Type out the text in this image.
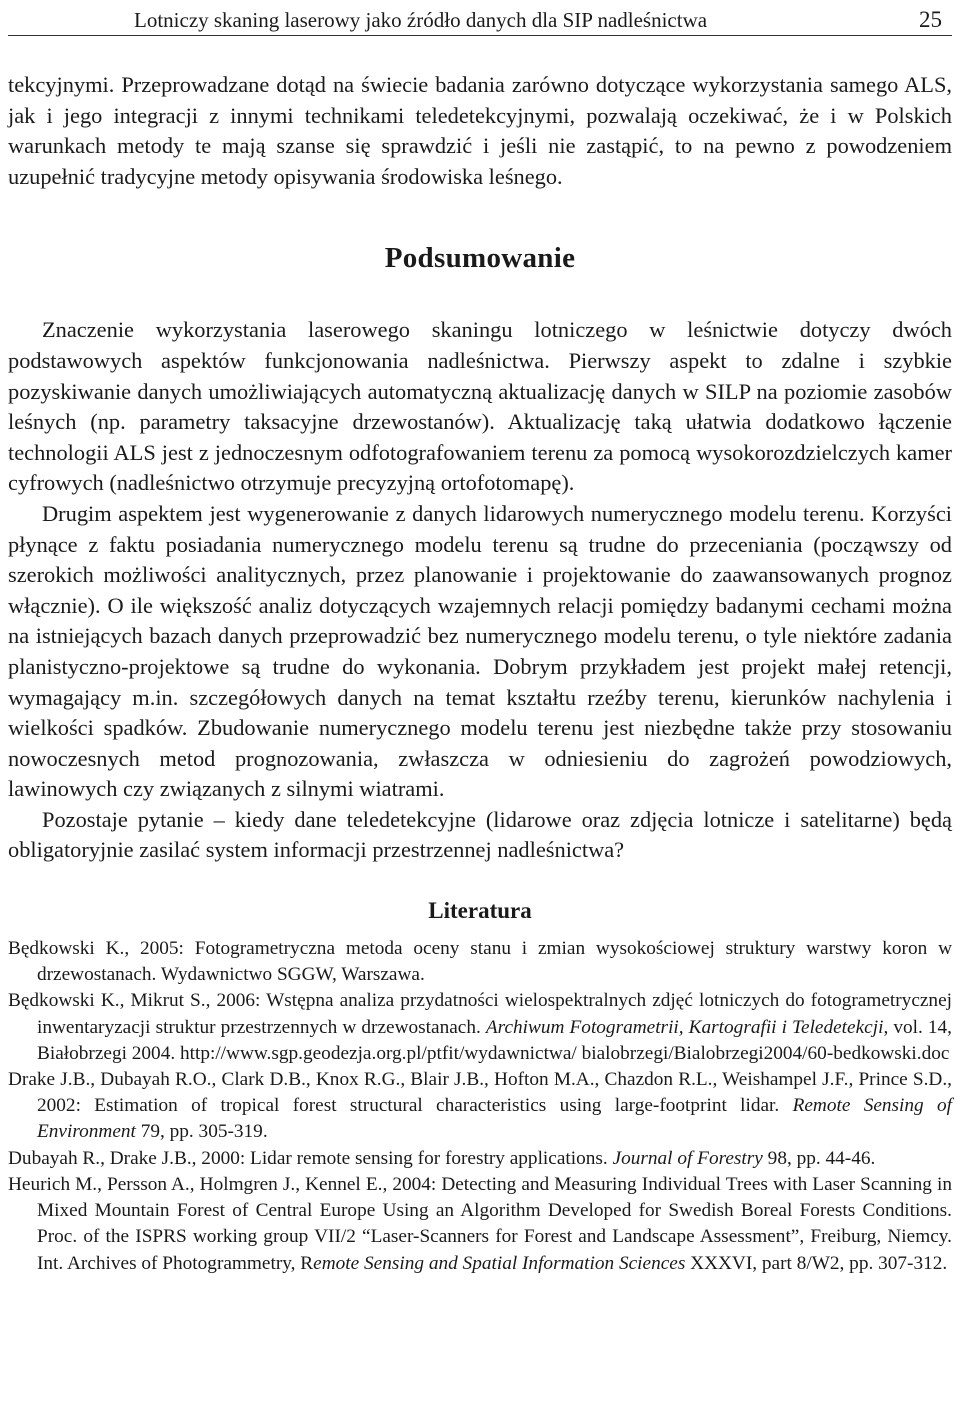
Lotniczy skaning laserowy jako źródło danych dla SIP nadleśnictwa	25

tekcyjnymi. Przeprowadzane dotąd na świecie badania zarówno dotyczące wykorzystania samego ALS, jak i jego integracji z innymi technikami teledetekcyjnymi, pozwalają oczekiwać, że i w Polskich warunkach metody te mają szanse się sprawdzić i jeśli nie zastąpić, to na pewno z powodzeniem uzupełnić tradycyjne metody opisywania środowiska leśnego.

Podsumowanie

Znaczenie wykorzystania laserowego skaningu lotniczego w leśnictwie dotyczy dwóch podstawowych aspektów funkcjonowania nadleśnictwa. Pierwszy aspekt to zdalne i szybkie pozyskiwanie danych umożliwiających automatyczną aktualizację danych w SILP na poziomie zasobów leśnych (np. parametry taksacyjne drzewostanów). Aktualizację taką ułatwia dodatkowo łączenie technologii ALS jest z jednoczesnym odfotografowaniem terenu za pomocą wysokorozdzielczych kamer cyfrowych (nadleśnictwo otrzymuje precyzyjną ortofotomapę).

Drugim aspektem jest wygenerowanie z danych lidarowych numerycznego modelu terenu. Korzyści płynące z faktu posiadania numerycznego modelu terenu są trudne do przeceniania (począwszy od szerokich możliwości analitycznych, przez planowanie i projektowanie do zaawansowanych prognoz włącznie). O ile większość analiz dotyczących wzajemnych relacji pomiędzy badanymi cechami można na istniejących bazach danych przeprowadzić bez numerycznego modelu terenu, o tyle niektóre zadania planistyczno-projektowe są trudne do wykonania. Dobrym przykładem jest projekt małej retencji, wymagający m.in. szczegółowych danych na temat kształtu rzeźby terenu, kierunków nachylenia i wielkości spadków. Zbudowanie numerycznego modelu terenu jest niezbędne także przy stosowaniu nowoczesnych metod prognozowania, zwłaszcza w odniesieniu do zagrożeń powodziowych, lawinowych czy związanych z silnymi wiatrami.

Pozostaje pytanie – kiedy dane teledetekcyjne (lidarowe oraz zdjęcia lotnicze i satelitarne) będą obligatoryjnie zasilać system informacji przestrzennej nadleśnictwa?

Literatura
Będkowski K., 2005: Fotogrametryczna metoda oceny stanu i zmian wysokościowej struktury warstwy koron w drzewostanach. Wydawnictwo SGGW, Warszawa.
Będkowski K., Mikrut S., 2006: Wstępna analiza przydatności wielospektralnych zdjęć lotniczych do fotogrametrycznej inwentaryzacji struktur przestrzennych w drzewostanach. Archiwum Fotogrametrii, Kartografii i Teledetekcji, vol. 14, Białobrzegi 2004. http://www.sgp.geodezja.org.pl/ptfit/wydawnictwa/ bialobrzegi/Bialobrzegi2004/60-bedkowski.doc
Drake J.B., Dubayah R.O., Clark D.B., Knox R.G., Blair J.B., Hofton M.A., Chazdon R.L., Weishampel J.F., Prince S.D., 2002: Estimation of tropical forest structural characteristics using large-footprint lidar. Remote Sensing of Environment 79, pp. 305-319.
Dubayah R., Drake J.B., 2000: Lidar remote sensing for forestry applications. Journal of Forestry 98, pp. 44-46.
Heurich M., Persson A., Holmgren J., Kennel E., 2004: Detecting and Measuring Individual Trees with Laser Scanning in Mixed Mountain Forest of Central Europe Using an Algorithm Developed for Swedish Boreal Forests Conditions. Proc. of the ISPRS working group VII/2 “Laser-Scanners for Forest and Landscape Assessment”, Freiburg, Niemcy. Int. Archives of Photogrammetry, Remote Sensing and Spatial Information Sciences XXXVI, part 8/W2, pp. 307-312.
